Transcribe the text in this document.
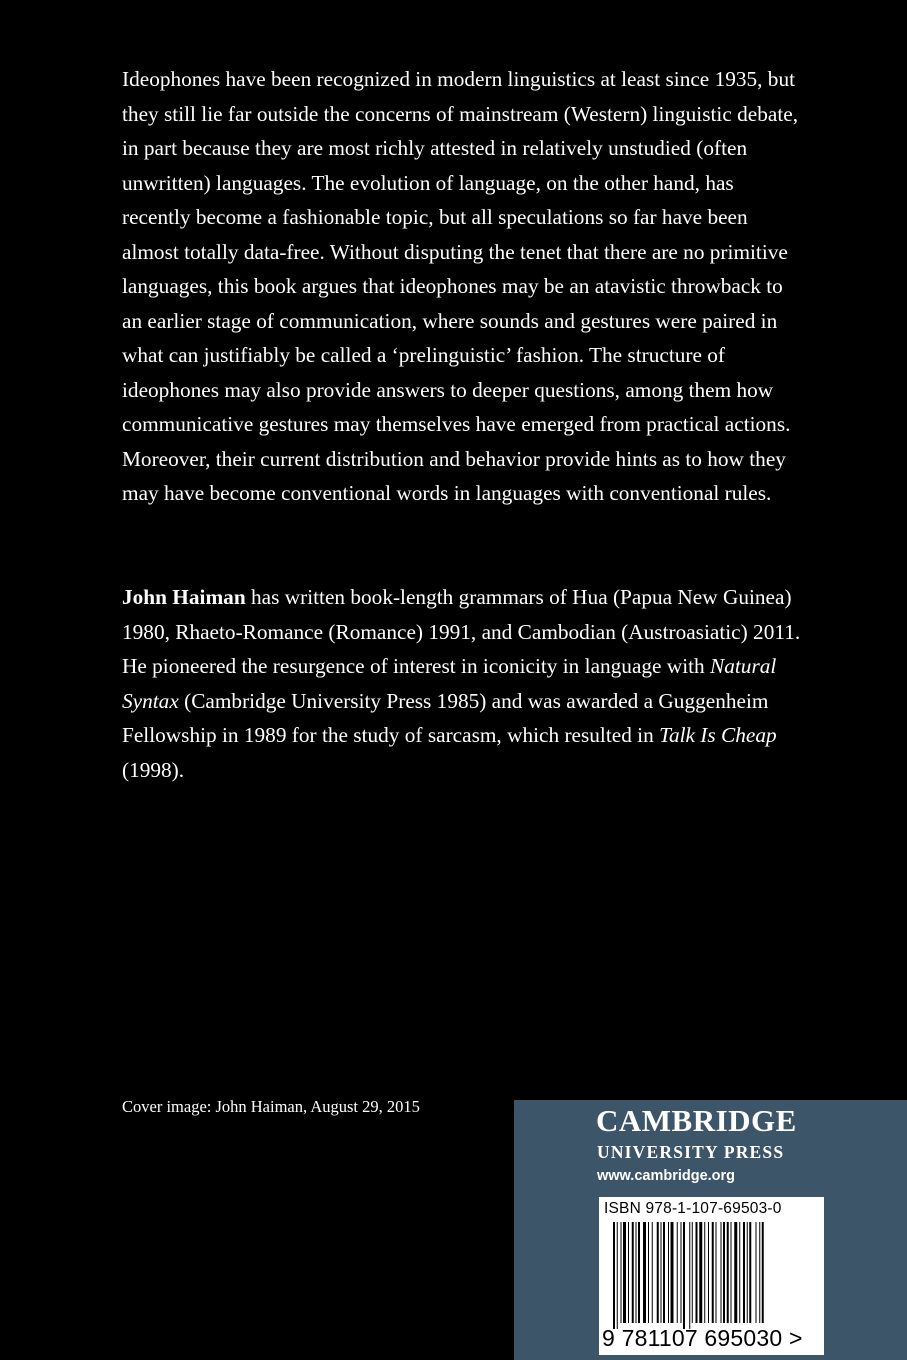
Ideophones have been recognized in modern linguistics at least since 1935, but they still lie far outside the concerns of mainstream (Western) linguistic debate, in part because they are most richly attested in relatively unstudied (often unwritten) languages. The evolution of language, on the other hand, has recently become a fashionable topic, but all speculations so far have been almost totally data-free. Without disputing the tenet that there are no primitive languages, this book argues that ideophones may be an atavistic throwback to an earlier stage of communication, where sounds and gestures were paired in what can justifiably be called a ‘prelinguistic’ fashion. The structure of ideophones may also provide answers to deeper questions, among them how communicative gestures may themselves have emerged from practical actions. Moreover, their current distribution and behavior provide hints as to how they may have become conventional words in languages with conventional rules.

John Haiman has written book-length grammars of Hua (Papua New Guinea) 1980, Rhaeto-Romance (Romance) 1991, and Cambodian (Austroasiatic) 2011. He pioneered the resurgence of interest in iconicity in language with Natural Syntax (Cambridge University Press 1985) and was awarded a Guggenheim Fellowship in 1989 for the study of sarcasm, which resulted in Talk Is Cheap (1998).

Cover image: John Haiman, August 29, 2015	CAMBRIDGE
UNIVERSITY PRESS
www.cambridge.org
ISBN 978-1-107-69503-0
9 781107 695030 >
